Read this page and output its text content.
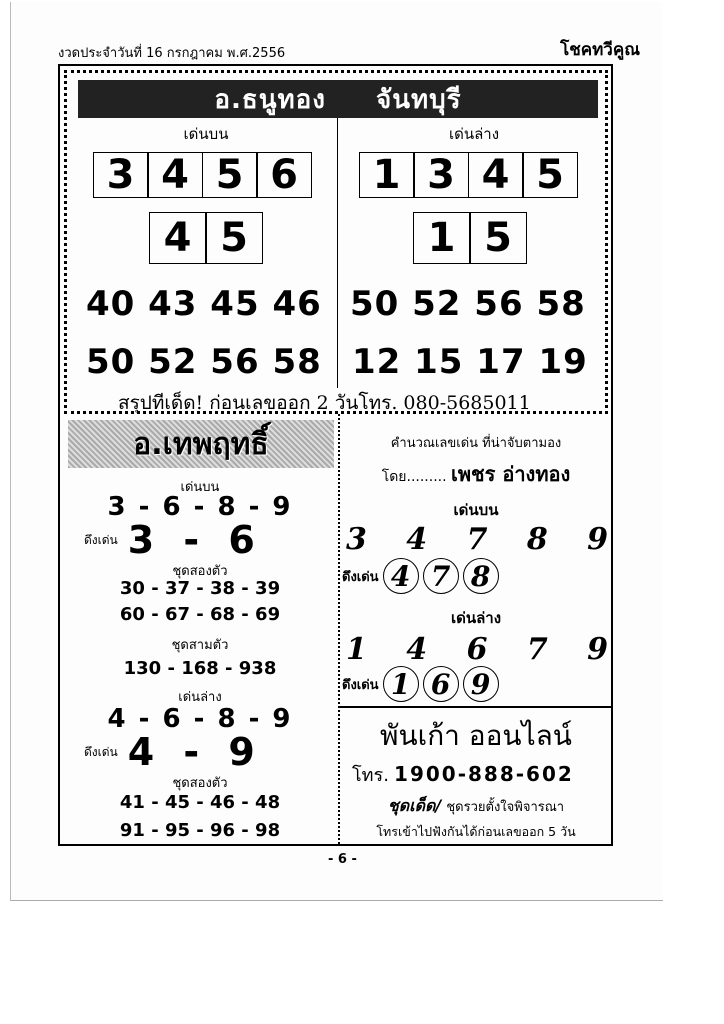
งวดประจำวันที่ 16 กรกฎาคม พ.ศ.2556	โชคทวีคูณ
อ.ธนูทอง จันทบุรี
เด่นบน
3 4 5 6
4 5
40 43 45 46
50 52 56 58
เด่นล่าง
1 3 4 5
1 5
50 52 56 58
12 15 17 19
สรุปทีเด็ด! ก่อนเลขออก 2 วันโทร. 080-5685011
อ.เทพฤทธิ์
เด่นบน
3 - 6 - 8 - 9
ดึงเด่น 3 - 6
ชุดสองตัว
30 - 37 - 38 - 39
60 - 67 - 68 - 69
ชุดสามตัว
130 - 168 - 938
เด่นล่าง
4 - 6 - 8 - 9
ดึงเด่น 4 - 9
ชุดสองตัว
41 - 45 - 46 - 48
91 - 95 - 96 - 98
คำนวณเลขเด่น ที่น่าจับตามอง
โดย......... เพชร อ่างทอง
เด่นบน
3 4 7 8 9
ดึงเด่น 4 7 8
เด่นล่าง
1 4 6 7 9
ดึงเด่น 1 6 9
พันเก้า ออนไลน์
โทร. 1900-888-602
ชุดเด็ด/ ชุดรวยตั้งใจพิจารณา
โทรเข้าไปฟังกันได้ก่อนเลขออก 5 วัน
- 6 -
